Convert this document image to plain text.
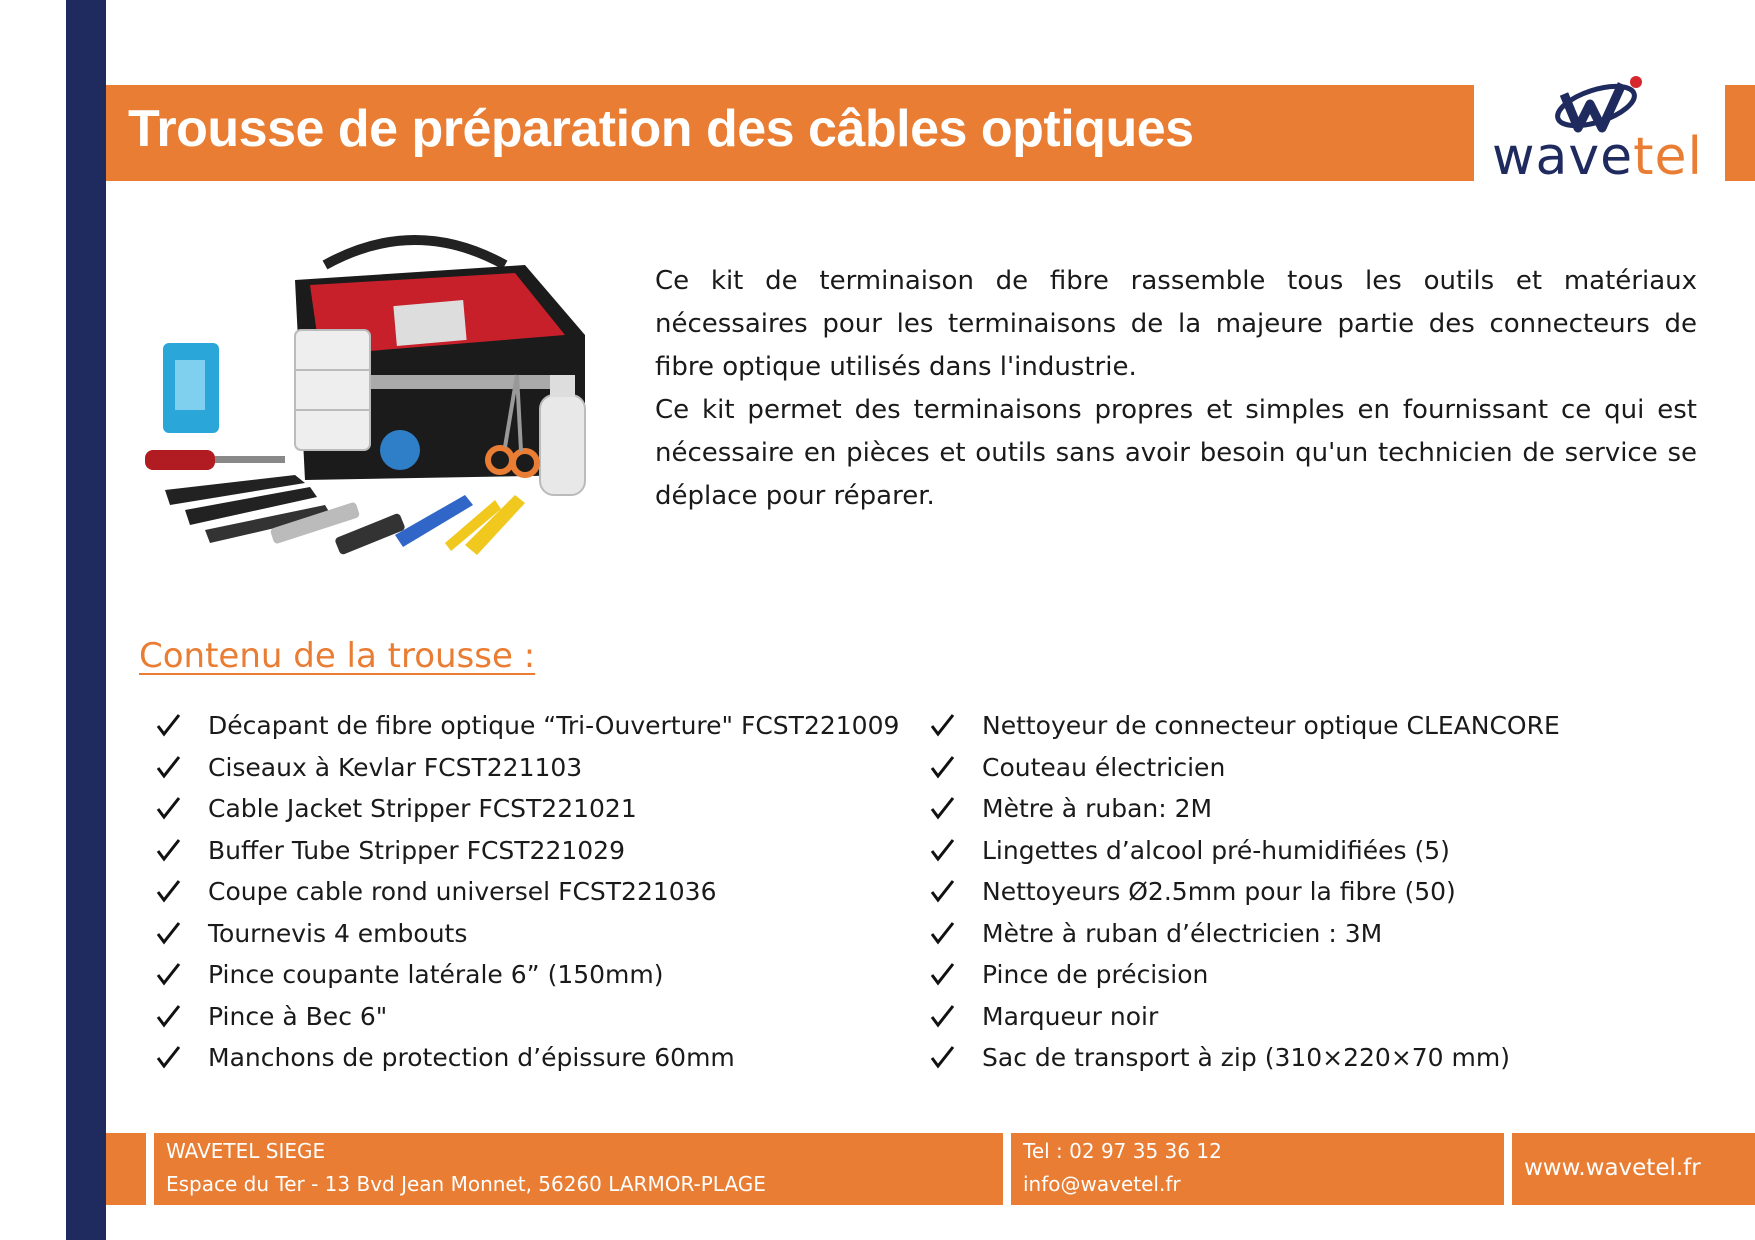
Trousse de préparation des câbles optiques	wavetel

Ce kit de terminaison de fibre rassemble tous les outils et matériaux nécessaires pour les terminaisons de la majeure partie des connecteurs de fibre optique utilisés dans l'industrie.

Ce kit permet des terminaisons propres et simples en fournissant ce qui est nécessaire en pièces et outils sans avoir besoin qu'un technicien de service se déplace pour réparer.

Contenu de la trousse :
Décapant de fibre optique “Tri-Ouverture" FCST221009
Ciseaux à Kevlar FCST221103
Cable Jacket Stripper FCST221021
Buffer Tube Stripper FCST221029
Coupe cable rond universel FCST221036
Tournevis 4 embouts
Pince coupante latérale 6” (150mm)
Pince à Bec 6"
Manchons de protection d’épissure 60mm
Nettoyeur de connecteur optique CLEANCORE
Couteau électricien
Mètre à ruban: 2M
Lingettes d’alcool pré-humidifiées (5)
Nettoyeurs Ø2.5mm pour la fibre (50)
Mètre à ruban d’électricien : 3M
Pince de précision
Marqueur noir
Sac de transport à zip (310×220×70 mm)
WAVETEL SIEGE
Espace du Ter - 13 Bvd Jean Monnet, 56260 LARMOR-PLAGE
Tel : 02 97 35 36 12
info@wavetel.fr
www.wavetel.fr
